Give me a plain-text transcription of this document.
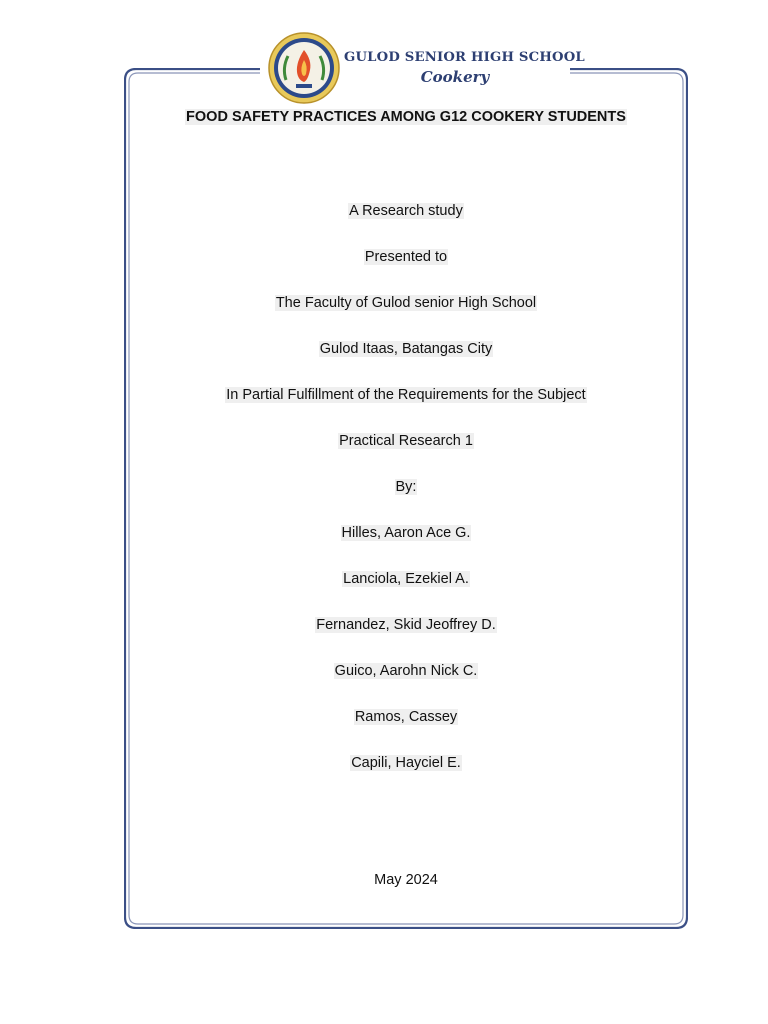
GULOD SENIOR HIGH SCHOOL
Cookery
FOOD SAFETY PRACTICES AMONG G12 COOKERY STUDENTS
A Research study
Presented to
The Faculty of Gulod senior High School
Gulod Itaas, Batangas City
In Partial Fulfillment of the Requirements for the Subject
Practical Research 1
By:
Hilles, Aaron Ace G.
Lanciola, Ezekiel A.
Fernandez, Skid Jeoffrey D.
Guico, Aarohn Nick C.
Ramos, Cassey
Capili, Hayciel E.
May 2024
